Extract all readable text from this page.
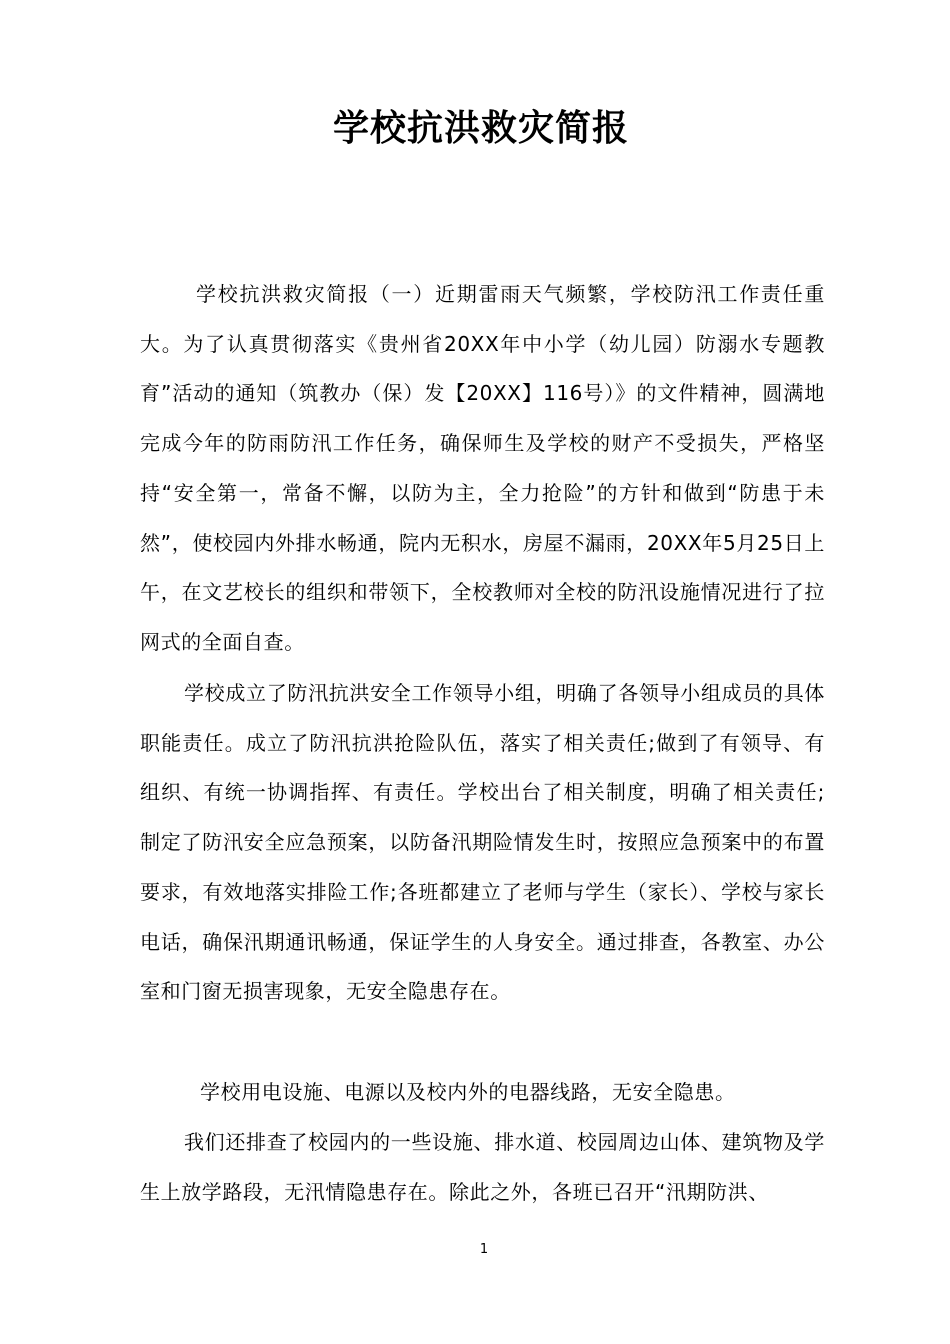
学校抗洪救灾简报

学校抗洪救灾简报（一）近期雷雨天气频繁，学校防汛工作责任重大。为了认真贯彻落实《贵州省20XX年中小学（幼儿园）防溺水专题教育”活动的通知（筑教办（保）发【20XX】116号）》的文件精神，圆满地完成今年的防雨防汛工作任务，确保师生及学校的财产不受损失，严格坚持“安全第一，常备不懈，以防为主，全力抢险”的方针和做到“防患于未然”，使校园内外排水畅通，院内无积水，房屋不漏雨，20XX年5月25日上午，在文艺校长的组织和带领下，全校教师对全校的防汛设施情况进行了拉网式的全面自查。

学校成立了防汛抗洪安全工作领导小组，明确了各领导小组成员的具体职能责任。成立了防汛抗洪抢险队伍，落实了相关责任;做到了有领导、有组织、有统一协调指挥、有责任。学校出台了相关制度，明确了相关责任;制定了防汛安全应急预案，以防备汛期险情发生时，按照应急预案中的布置要求，有效地落实排险工作;各班都建立了老师与学生（家长）、学校与家长电话，确保汛期通讯畅通，保证学生的人身安全。通过排查，各教室、办公室和门窗无损害现象，无安全隐患存在。

学校用电设施、电源以及校内外的电器线路，无安全隐患。

我们还排查了校园内的一些设施、排水道、校园周边山体、建筑物及学生上放学路段，无汛情隐患存在。除此之外，各班已召开“汛期防洪、

1
